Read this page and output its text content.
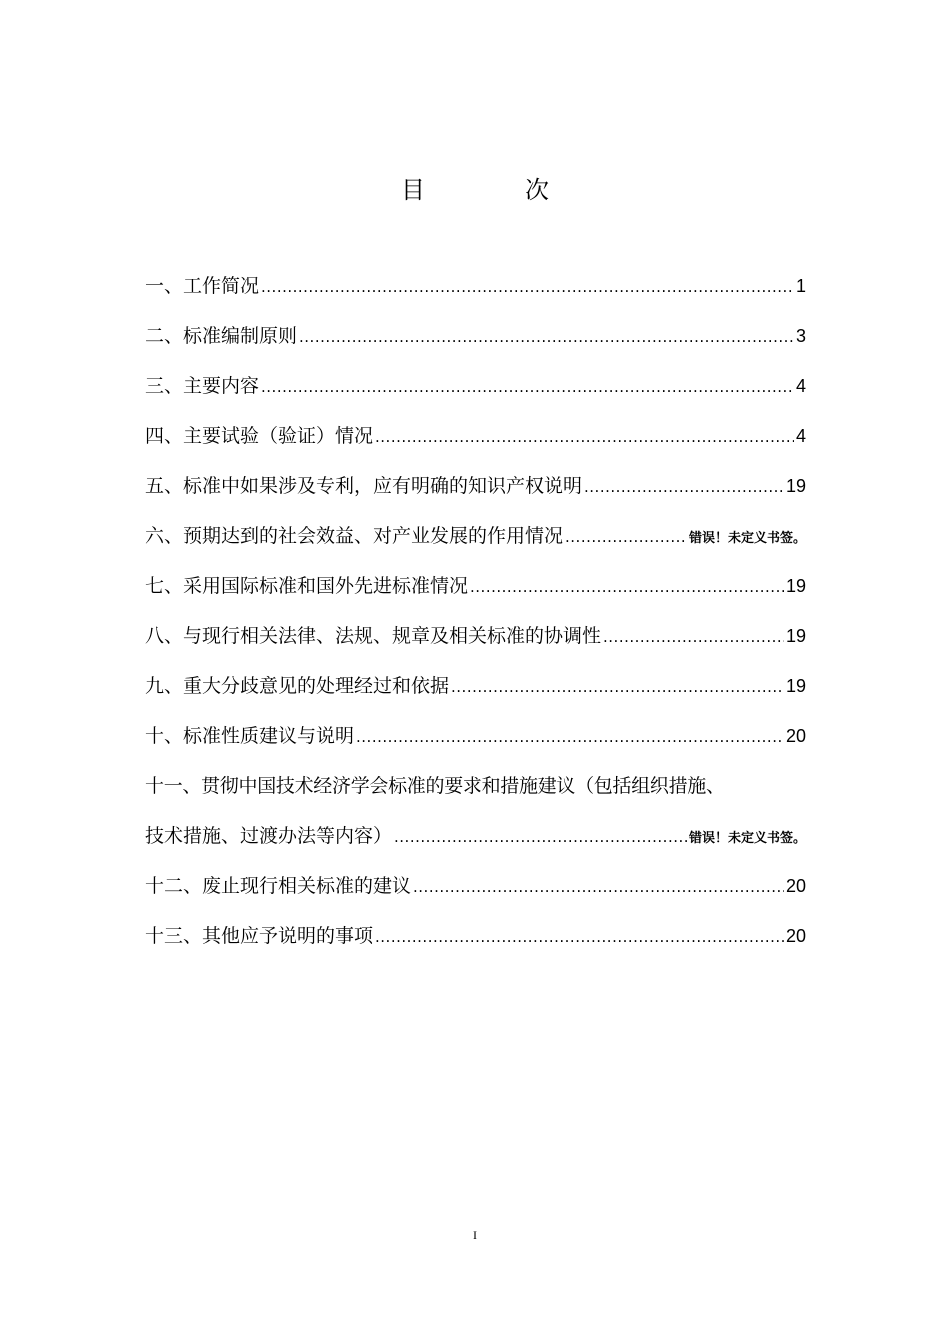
目　次
一、工作简况 .....	1
二、标准编制原则 .....	3
三、主要内容 .....	4
四、主要试验（验证）情况 .....	4
五、标准中如果涉及专利，应有明确的知识产权说明 .....	19
六、预期达到的社会效益、对产业发展的作用情况 .....	错误！未定义书签。
七、采用国际标准和国外先进标准情况 .....	19
八、与现行相关法律、法规、规章及相关标准的协调性 .....	19
九、重大分歧意见的处理经过和依据 .....	19
十、标准性质建议与说明 .....	20
十一、贯彻中国技术经济学会标准的要求和措施建议（包括组织措施、
技术措施、过渡办法等内容） .....	错误！未定义书签。
十二、废止现行相关标准的建议 .....	20
十三、其他应予说明的事项 .....	20
I
